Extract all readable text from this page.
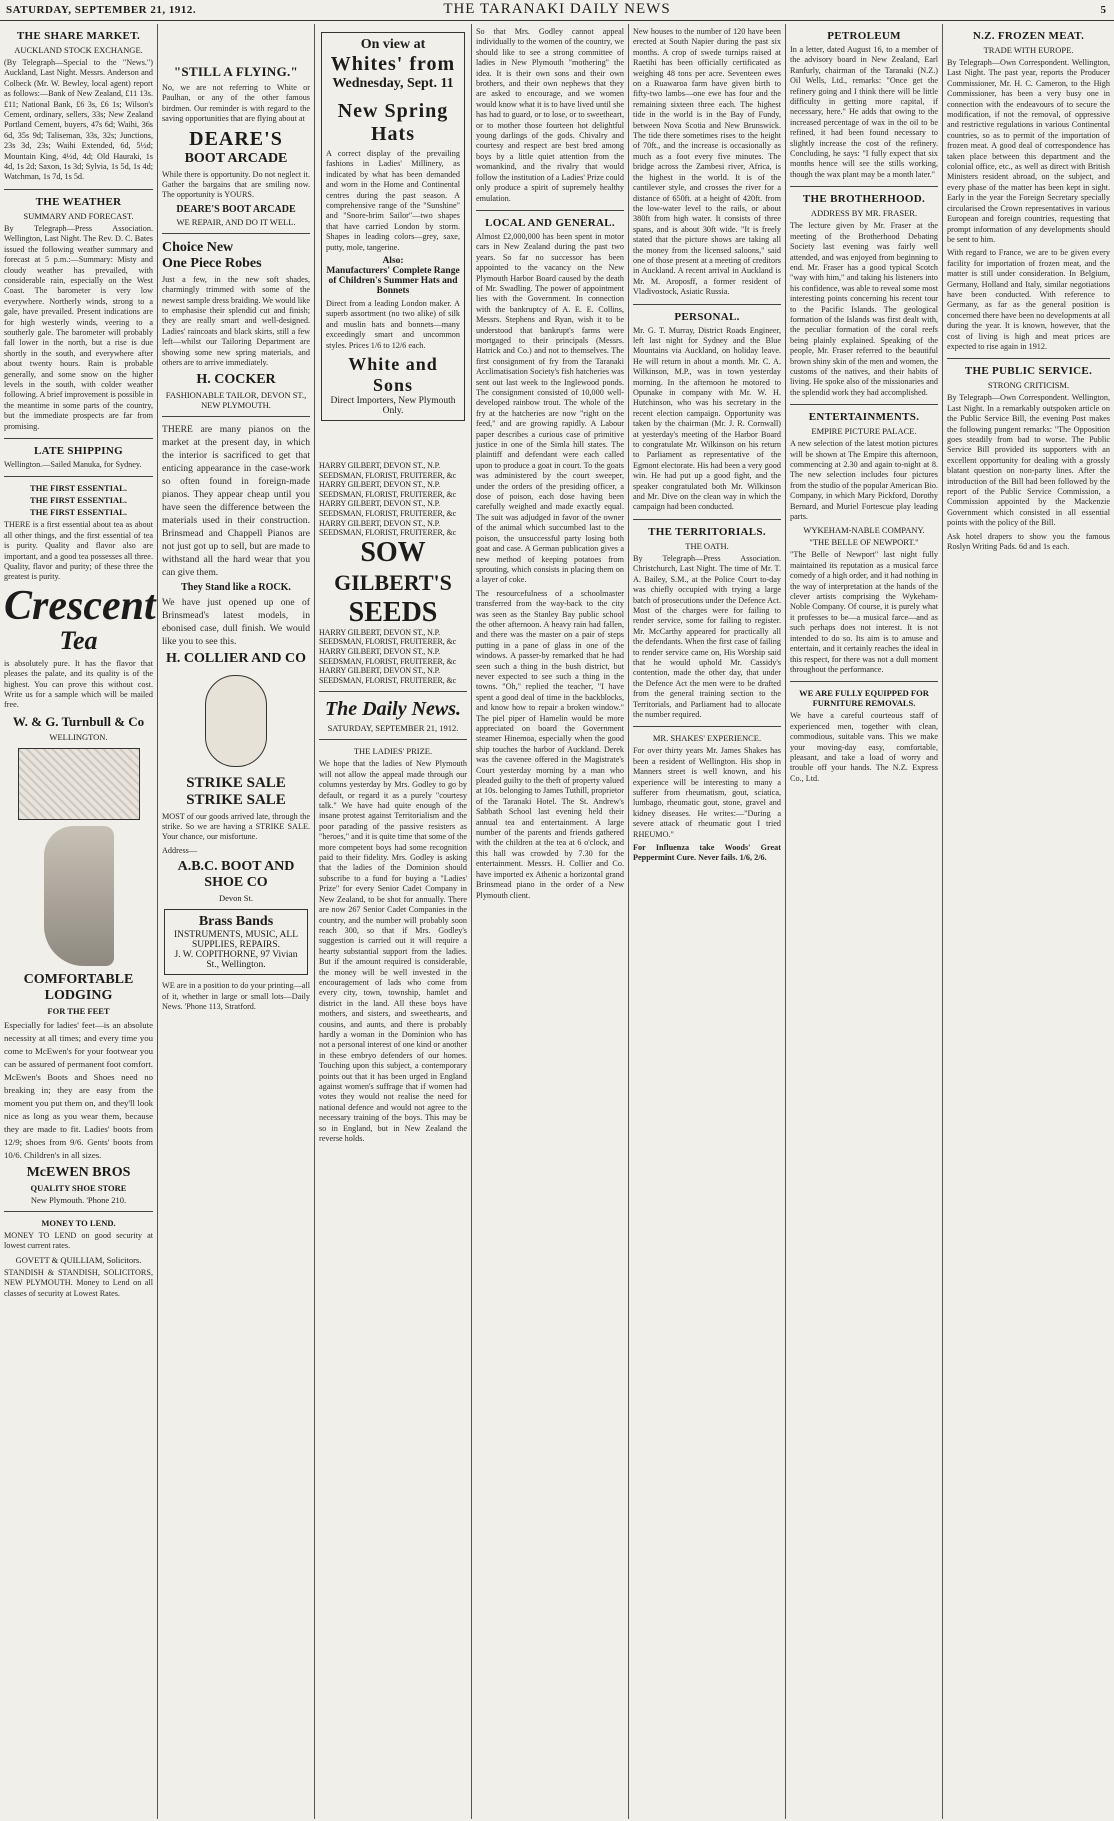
SATURDAY, SEPTEMBER 21, 1912.	THE TARANAKI DAILY NEWS	5
THE SHARE MARKET.
AUCKLAND STOCK EXCHANGE.
(By Telegraph—Special to the "News.") Auckland, Last Night. Messrs. Anderson and Colbeck (Mr. W. Bewley, local agent) report as follows:—Bank of New Zealand, £11 13s. £11; National Bank, £6 3s, £6 1s; Wilson's Cement, ordinary, sellers, 33s; New Zealand Portland Cement, buyers, 47s 6d; Waihi, 36s 6d, 35s 9d; Taliseman, 33s, 32s; Junctions, 23s 3d, 23s; Waihi Extended, 6d, 5½d; Mountain King, 4½d, 4d; Old Hauraki, 1s 4d, 1s 2d; Saxon, 1s 3d; Sylvia, 1s 5d, 1s 4d; Watchman, 1s 7d, 1s 5d.
THE WEATHER
SUMMARY AND FORECAST.
By Telegraph—Press Association. Wellington, Last Night. The Rev. D. C. Bates issued the following weather summary and forecast at 5 p.m.:—Summary: Misty and cloudy weather has prevailed, with considerable rain, especially on the West Coast. The barometer is very low everywhere. Northerly winds, strong to a gale, have prevailed. Present indications are for high westerly winds, veering to a southerly gale. The barometer will probably fall lower in the north, but a rise is due shortly in the south, and everywhere after about twenty hours. Rain is probable generally, and some snow on the higher levels in the south, with colder weather following. A brief improvement is possible in the meantime in some parts of the country, but the immediate prospects are far from promising.
LATE SHIPPING
Wellington.—Sailed Manuka, for Sydney.
THE FIRST ESSENTIAL.
THE FIRST ESSENTIAL.
THE FIRST ESSENTIAL.
THERE is a first essential about tea as about all other things, and the first essential of tea is purity. Quality and flavor also are important, and a good tea possesses all three. Quality, flavor and purity; of these three the greatest is purity.
Crescent
Tea
is absolutely pure. It has the flavor that pleases the palate, and its quality is of the highest. You can prove this without cost. Write us for a sample which will be mailed free.
W. & G. Turnbull & Co
WELLINGTON.
COMFORTABLE
LODGING
FOR THE FEET
Especially for ladies' feet—is an absolute necessity at all times; and every time you come to McEwen's for your footwear you can be assured of permanent foot comfort. McEwen's Boots and Shoes need no breaking in; they are easy from the moment you put them on, and they'll look nice as long as you wear them, because they are made to fit. Ladies' boots from 12/9; shoes from 9/6. Gents' boots from 10/6. Children's in all sizes.
McEWEN BROS
QUALITY SHOE STORE
New Plymouth. 'Phone 210.
MONEY TO LEND.
MONEY TO LEND on good security at lowest current rates.
GOVETT & QUILLIAM, Solicitors.
STANDISH & STANDISH, SOLICITORS, NEW PLYMOUTH. Money to Lend on all classes of security at Lowest Rates.
"STILL A FLYING."
No, we are not referring to White or Paulhan, or any of the other famous birdmen. Our reminder is with regard to the saving opportunities that are flying about at
DEARE'S
BOOT ARCADE
While there is opportunity. Do not neglect it. Gather the bargains that are smiling now. The opportunity is YOURS.
DEARE'S BOOT ARCADE
WE REPAIR, AND DO IT WELL.
Choice New
One Piece Robes
Just a few, in the new soft shades, charmingly trimmed with some of the newest sample dress braiding. We would like to emphasise their splendid cut and finish; they are really smart and well-designed. Ladies' raincoats and black skirts, still a few left—whilst our Tailoring Department are showing some new spring materials, and others are to arrive immediately.
H. COCKER
FASHIONABLE TAILOR, DEVON ST., NEW PLYMOUTH.
THERE are many pianos on the market at the present day, in which the interior is sacrificed to get that enticing appearance in the case-work so often found in foreign-made pianos. They appear cheap until you have seen the difference between the materials used in their construction. Brinsmead and Chappell Pianos are not just got up to sell, but are made to withstand all the hard wear that you can give them.
They Stand like a ROCK.
We have just opened up one of Brinsmead's latest models, in ebonised case, dull finish. We would like you to see this.
H. COLLIER AND CO
STRIKE SALE
STRIKE SALE
MOST of our goods arrived late, through the strike. So we are having a STRIKE SALE. Your chance, our misfortune.
Address—
A.B.C. BOOT AND SHOE CO
Devon St.
Brass Bands
INSTRUMENTS, MUSIC, ALL SUPPLIES, REPAIRS.
J. W. COPITHORNE, 97 Vivian St., Wellington.
WE are in a position to do your printing—all of it, whether in large or small lots—Daily News. 'Phone 113, Stratford.
On view at
Whites' from
Wednesday, Sept. 11
New Spring
Hats
A correct display of the prevailing fashions in Ladies' Millinery, as indicated by what has been demanded and worn in the Home and Continental centres during the past season. A comprehensive range of the "Sunshine" and "Snore-brim Sailor"—two shapes that have carried London by storm. Shapes in leading colors—grey, saxe, putty, mole, tangerine.
Also:
Manufacturers' Complete Range of Children's Summer Hats and Bonnets
Direct from a leading London maker. A superb assortment (no two alike) of silk and muslin hats and bonnets—many exceedingly smart and uncommon styles. Prices 1/6 to 12/6 each.
White and Sons
Direct Importers, New Plymouth Only.
HARRY GILBERT, DEVON ST., N.P. SEEDSMAN, FLORIST, FRUITERER, &c
HARRY GILBERT, DEVON ST., N.P. SEEDSMAN, FLORIST, FRUITERER, &c
HARRY GILBERT, DEVON ST., N.P. SEEDSMAN, FLORIST, FRUITERER, &c
HARRY GILBERT, DEVON ST., N.P. SEEDSMAN, FLORIST, FRUITERER, &c
SOW
GILBERT'S
SEEDS
HARRY GILBERT, DEVON ST., N.P. SEEDSMAN, FLORIST, FRUITERER, &c
HARRY GILBERT, DEVON ST., N.P. SEEDSMAN, FLORIST, FRUITERER, &c
HARRY GILBERT, DEVON ST., N.P. SEEDSMAN, FLORIST, FRUITERER, &c
The Daily News.
SATURDAY, SEPTEMBER 21, 1912.
THE LADIES' PRIZE.
We hope that the ladies of New Plymouth will not allow the appeal made through our columns yesterday by Mrs. Godley to go by default, or regard it as a purely "courtesy talk." We have had quite enough of the insane protest against Territorialism and the poor parading of the passive resisters as "heroes," and it is quite time that some of the more competent boys had some recognition paid to their fidelity. Mrs. Godley is asking that the ladies of the Dominion should subscribe to a fund for buying a "Ladies' Prize" for every Senior Cadet Company in New Zealand, to be shot for annually. There are now 267 Senior Cadet Companies in the country, and the number will probably soon reach 300, so that if Mrs. Godley's suggestion is carried out it will require a hearty substantial support from the ladies. But if the amount required is considerable, the money will be well invested in the encouragement of lads who come from every city, town, township, hamlet and district in the land. All these boys have mothers, and sisters, and sweethearts, and cousins, and aunts, and there is probably hardly a woman in the Dominion who has not a personal interest of one kind or another in these embryo defenders of our homes. Touching upon this subject, a contemporary points out that it has been urged in England against women's suffrage that if women had votes they would not realise the need for national defence and would not agree to the necessary training of the boys. This may be so in England, but in New Zealand the reverse holds.
So that Mrs. Godley cannot appeal individually to the women of the country, we should like to see a strong committee of ladies in New Plymouth "mothering" the idea. It is their own sons and their own brothers, and their own nephews that they are asked to encourage, and we women would know what it is to have lived until she has had to guard, or to lose, or to sweetheart, or to mother those fourteen hot delightful young darlings of the gods. Chivalry and courtesy and respect are best bred among boys by a little quiet attention from the womankind, and the rivalry that would follow the institution of a Ladies' Prize could only produce a spirit of supremely healthy emulation.
LOCAL AND GENERAL.
Almost £2,000,000 has been spent in motor cars in New Zealand during the past two years. So far no successor has been appointed to the vacancy on the New Plymouth Harbor Board caused by the death of Mr. Swadling. The power of appointment lies with the Government. In connection with the bankruptcy of A. E. E. Collins, Messrs. Stephens and Ryan, wish it to be understood that bankrupt's farms were mortgaged to their principals (Messrs. Hatrick and Co.) and not to themselves. The first consignment of fry from the Taranaki Acclimatisation Society's fish hatcheries was sent out last week to the Inglewood ponds. The consignment consisted of 10,000 well-developed rainbow trout. The whole of the fry at the hatcheries are now "right on the feed," and are growing rapidly. A Labour paper describes a curious case of primitive justice in one of the Simla hill states. The plaintiff and defendant were each called upon to produce a goat in court. To the goats was administered by the court sweeper, under the orders of the presiding officer, a dose of poison, each dose having been carefully weighed and made exactly equal. The suit was adjudged in favor of the owner of the animal which succumbed last to the poison, the unsuccessful party losing both goat and case. A German publication gives a new method of keeping potatoes from sprouting, which consists in placing them on a layer of coke.
The resourcefulness of a schoolmaster transferred from the way-back to the city was seen as the Stanley Bay public school the other afternoon. A heavy rain had fallen, and there was the master on a pair of steps putting in a pane of glass in one of the windows. A passer-by remarked that he had seen such a thing in the bush district, but never expected to see such a thing in the towns. "Oh," replied the teacher, "I have spent a good deal of time in the backblocks, and know how to repair a broken window." The piel piper of Hamelin would be more appreciated on board the Government steamer Hinemoa, especially when the good ship touches the harbor of Auckland. Derek was the cavenee offered in the Magistrate's Court yesterday morning by a man who pleaded guilty to the theft of property valued at 10s. belonging to James Tuthill, proprietor of the Taranaki Hotel. The St. Andrew's Sabbath School last evening held their annual tea and entertainment. A large number of the parents and friends gathered with the children at the tea at 6 o'clock, and this hall was crowded by 7.30 for the entertainment. Messrs. H. Collier and Co. have imported ex Athenic a horizontal grand Brinsmead piano in the order of a New Plymouth client.
New houses to the number of 120 have been erected at South Napier during the past six months. A crop of swede turnips raised at Raetihi has been officially certificated as weighing 48 tons per acre. Seventeen ewes on a Ruawaroa farm have given birth to fifty-two lambs—one ewe has four and the remaining sixteen three each. The highest tide in the world is in the Bay of Fundy, between Nova Scotia and New Brunswick. The tide there sometimes rises to the height of 70ft., and the increase is occasionally as much as a foot every five minutes. The bridge across the Zambesi river, Africa, is the highest in the world. It is of the cantilever style, and crosses the river for a distance of 650ft. at a height of 420ft. from the low-water level to the rails, or about 380ft from high water. It consists of three spans, and is about 30ft wide. "It is freely stated that the picture shows are taking all the money from the licensed saloons," said one of those present at a meeting of creditors in Auckland. A recent arrival in Auckland is Mr. M. Aroposff, a former resident of Vladivostock, Asiatic Russia.
PERSONAL.
Mr. G. T. Murray, District Roads Engineer, left last night for Sydney and the Blue Mountains via Auckland, on holiday leave. He will return in about a month. Mr. C. A. Wilkinson, M.P., was in town yesterday morning. In the afternoon he motored to Opunake in company with Mr. W. H. Hutchinson, who was his secretary in the recent election campaign. Opportunity was taken by the chairman (Mr. J. R. Cornwall) at yesterday's meeting of the Harbor Board to congratulate Mr. Wilkinson on his return to Parliament as representative of the Egmont electorate. His had been a very good win. He had put up a good fight, and the speaker congratulated both Mr. Wilkinson and Mr. Dive on the clean way in which the campaign had been conducted.
THE TERRITORIALS.
THE OATH.
By Telegraph—Press Association. Christchurch, Last Night. The time of Mr. T. A. Bailey, S.M., at the Police Court to-day was chiefly occupied with trying a large batch of prosecutions under the Defence Act. Most of the charges were for failing to render service, some for failing to register. Mr. McCarthy appeared for practically all the defendants. When the first case of failing to render service came on, His Worship said that he would uphold Mr. Cassidy's contention, made the other day, that under the Defence Act the men were to be drafted from the general training section to the Territorials, and Parliament had to allocate the number required.
MR. SHAKES' EXPERIENCE.
For over thirty years Mr. James Shakes has been a resident of Wellington. His shop in Manners street is well known, and his experience will be interesting to many a sufferer from rheumatism, gout, sciatica, lumbago, rheumatic gout, stone, gravel and kidney diseases. He writes:—"During a severe attack of rheumatic gout I tried RHEUMO."
For Influenza take Woods' Great Peppermint Cure. Never fails. 1/6, 2/6.
PETROLEUM
In a letter, dated August 16, to a member of the advisory board in New Zealand, Earl Ranfurly, chairman of the Taranaki (N.Z.) Oil Wells, Ltd., remarks: "Once get the refinery going and I think there will be little difficulty in getting more capital, if necessary, here." He adds that owing to the increased percentage of wax in the oil to be refined, it had been found necessary to slightly increase the cost of the refinery. Concluding, he says: "I fully expect that six months hence will see the stills working, though the wax plant may be a month later."
THE BROTHERHOOD.
ADDRESS BY MR. FRASER.
The lecture given by Mr. Fraser at the meeting of the Brotherhood Debating Society last evening was fairly well attended, and was enjoyed from beginning to end. Mr. Fraser has a good typical Scotch "way with him," and taking his listeners into his confidence, was able to reveal some most interesting points concerning his recent tour to the Pacific Islands. The geological formation of the Islands was first dealt with, the peculiar formation of the coral reefs being plainly explained. Speaking of the people, Mr. Fraser referred to the beautiful brown shiny skin of the men and women, the customs of the natives, and their habits of living. He spoke also of the missionaries and the splendid work they had accomplished.
ENTERTAINMENTS.
EMPIRE PICTURE PALACE.
A new selection of the latest motion pictures will be shown at The Empire this afternoon, commencing at 2.30 and again to-night at 8. The new selection includes four pictures from the studio of the popular American Bio. Company, in which Mary Pickford, Dorothy Bernard, and Muriel Fortescue play leading parts.
WYKEHAM-NABLE COMPANY.
"THE BELLE OF NEWPORT."
"The Belle of Newport" last night fully maintained its reputation as a musical farce comedy of a high order, and it had nothing in the way of interpretation at the hands of the clever artists comprising the Wykeham-Noble Company. Of course, it is purely what it professes to be—a musical farce—and as such perhaps does not interest. It is not intended to do so. Its aim is to amuse and entertain, and it certainly reaches the ideal in this respect, for there was not a dull moment throughout the performance.
WE ARE FULLY EQUIPPED FOR FURNITURE REMOVALS.
We have a careful courteous staff of experienced men, together with clean, commodious, suitable vans. This we make your moving-day easy, comfortable, pleasant, and take a load of worry and trouble off your hands. The N.Z. Express Co., Ltd.
N.Z. FROZEN MEAT.
TRADE WITH EUROPE.
By Telegraph—Own Correspondent. Wellington, Last Night. The past year, reports the Producer Commissioner, Mr. H. C. Cameron, to the High Commissioner, has been a very busy one in connection with the endeavours of to secure the modification, if not the removal, of oppressive and restrictive regulations in various Continental countries, so as to permit of the importation of frozen meat. A good deal of correspondence has taken place between this department and the colonial office, etc., as well as direct with British Ministers resident abroad, on the subject, and every phase of the matter has been kept in sight. Early in the year the Foreign Secretary specially circularised the Crown representatives in various European and foreign countries, requesting that prompt information of any developments should be sent to him.
With regard to France, we are to be given every facility for importation of frozen meat, and the matter is still under consideration. In Belgium, Germany, Holland and Italy, similar negotiations have been conducted. With reference to Germany, as far as the general position is concerned there have been no developments at all during the year. It is known, however, that the cost of living is high and meat prices are expected to rise again in 1912.
THE PUBLIC SERVICE.
STRONG CRITICISM.
By Telegraph—Own Correspondent. Wellington, Last Night. In a remarkably outspoken article on the Public Service Bill, the evening Post makes the following pungent remarks: "The Opposition goes steadily from bad to worse. The Public Service Bill provided its supporters with an excellent opportunity for dealing with a grossly blatant question on non-party lines. After the introduction of the Bill had been followed by the report of the Public Service Commission, a Commission appointed by the Mackenzie Government which consisted in all essential points with the policy of the Bill.
Ask hotel drapers to show you the famous Roslyn Writing Pads. 6d and 1s each.
